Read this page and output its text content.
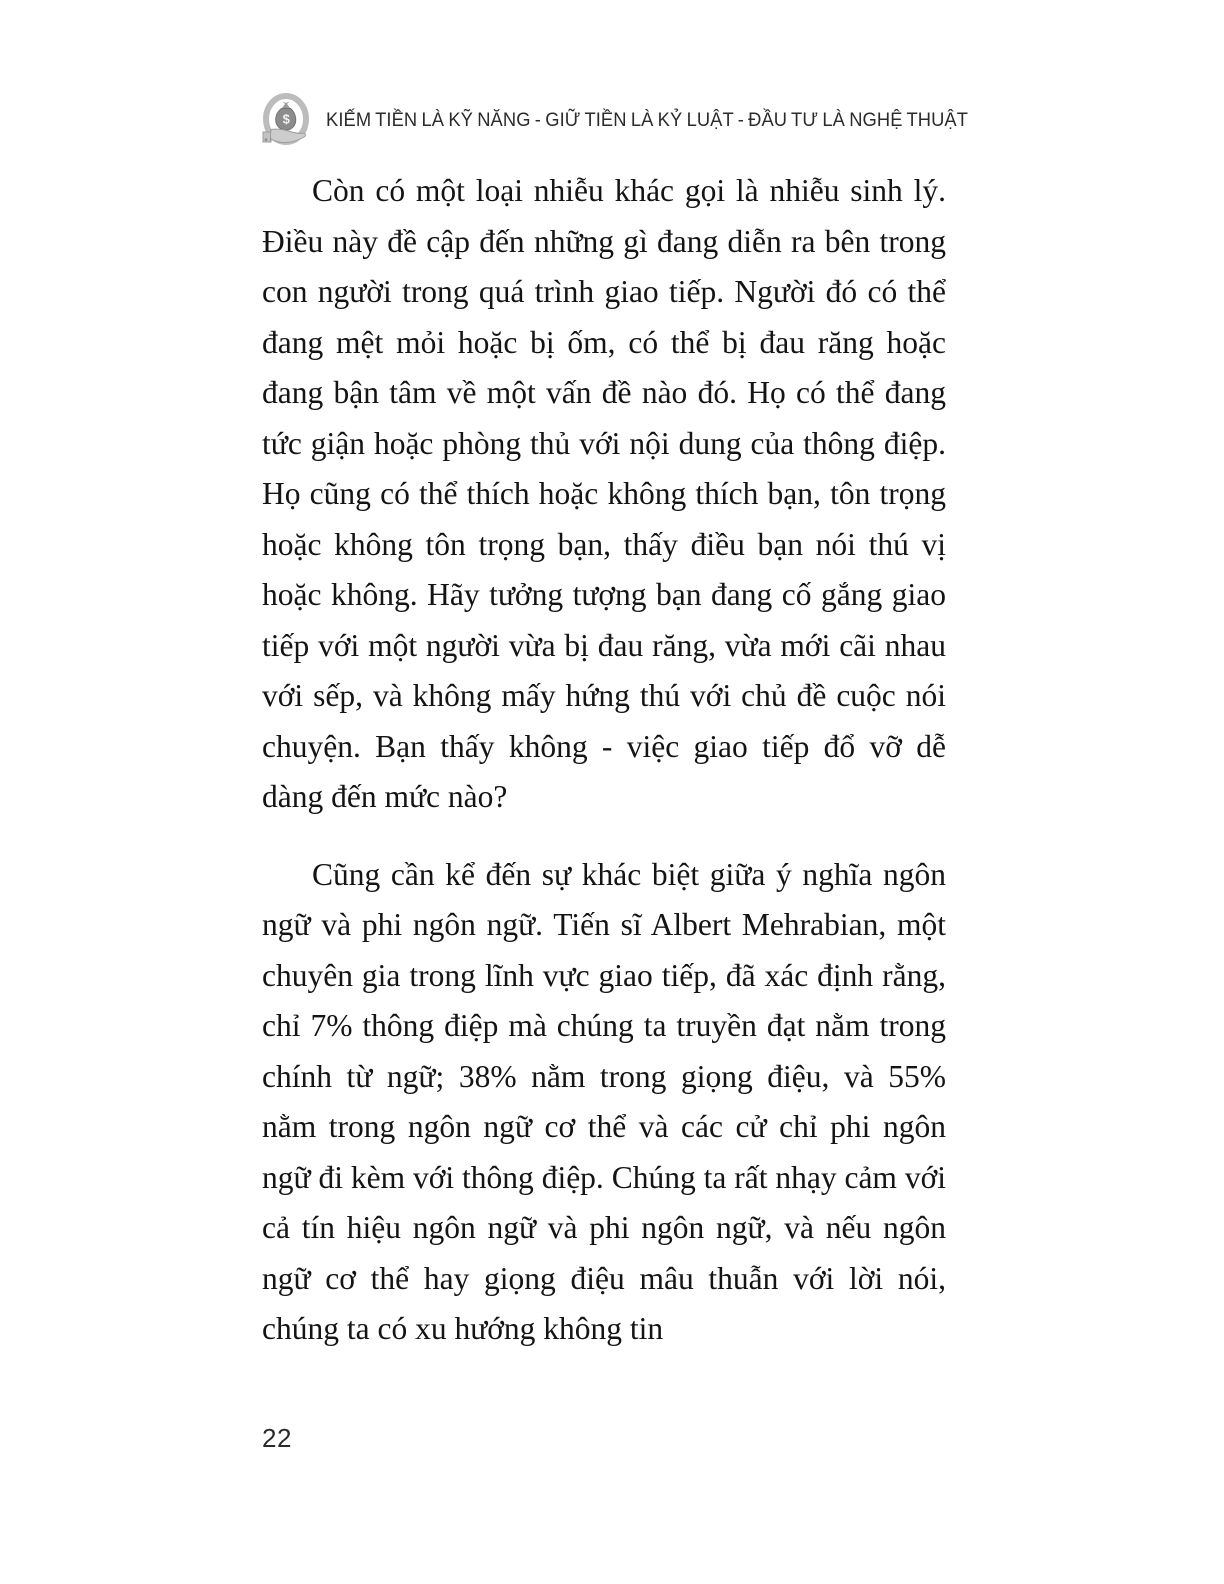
$ KIẾM TIỀN LÀ KỸ NĂNG - GIỮ TIỀN LÀ KỶ LUẬT - ĐẦU TƯ LÀ NGHỆ THUẬT

Còn có một loại nhiễu khác gọi là nhiễu sinh lý. Điều này đề cập đến những gì đang diễn ra bên trong con người trong quá trình giao tiếp. Người đó có thể đang mệt mỏi hoặc bị ốm, có thể bị đau răng hoặc đang bận tâm về một vấn đề nào đó. Họ có thể đang tức giận hoặc phòng thủ với nội dung của thông điệp. Họ cũng có thể thích hoặc không thích bạn, tôn trọng hoặc không tôn trọng bạn, thấy điều bạn nói thú vị hoặc không. Hãy tưởng tượng bạn đang cố gắng giao tiếp với một người vừa bị đau răng, vừa mới cãi nhau với sếp, và không mấy hứng thú với chủ đề cuộc nói chuyện. Bạn thấy không - việc giao tiếp đổ vỡ dễ dàng đến mức nào?

Cũng cần kể đến sự khác biệt giữa ý nghĩa ngôn ngữ và phi ngôn ngữ. Tiến sĩ Albert Mehrabian, một chuyên gia trong lĩnh vực giao tiếp, đã xác định rằng, chỉ 7% thông điệp mà chúng ta truyền đạt nằm trong chính từ ngữ; 38% nằm trong giọng điệu, và 55% nằm trong ngôn ngữ cơ thể và các cử chỉ phi ngôn ngữ đi kèm với thông điệp. Chúng ta rất nhạy cảm với cả tín hiệu ngôn ngữ và phi ngôn ngữ, và nếu ngôn ngữ cơ thể hay giọng điệu mâu thuẫn với lời nói, chúng ta có xu hướng không tin

22
